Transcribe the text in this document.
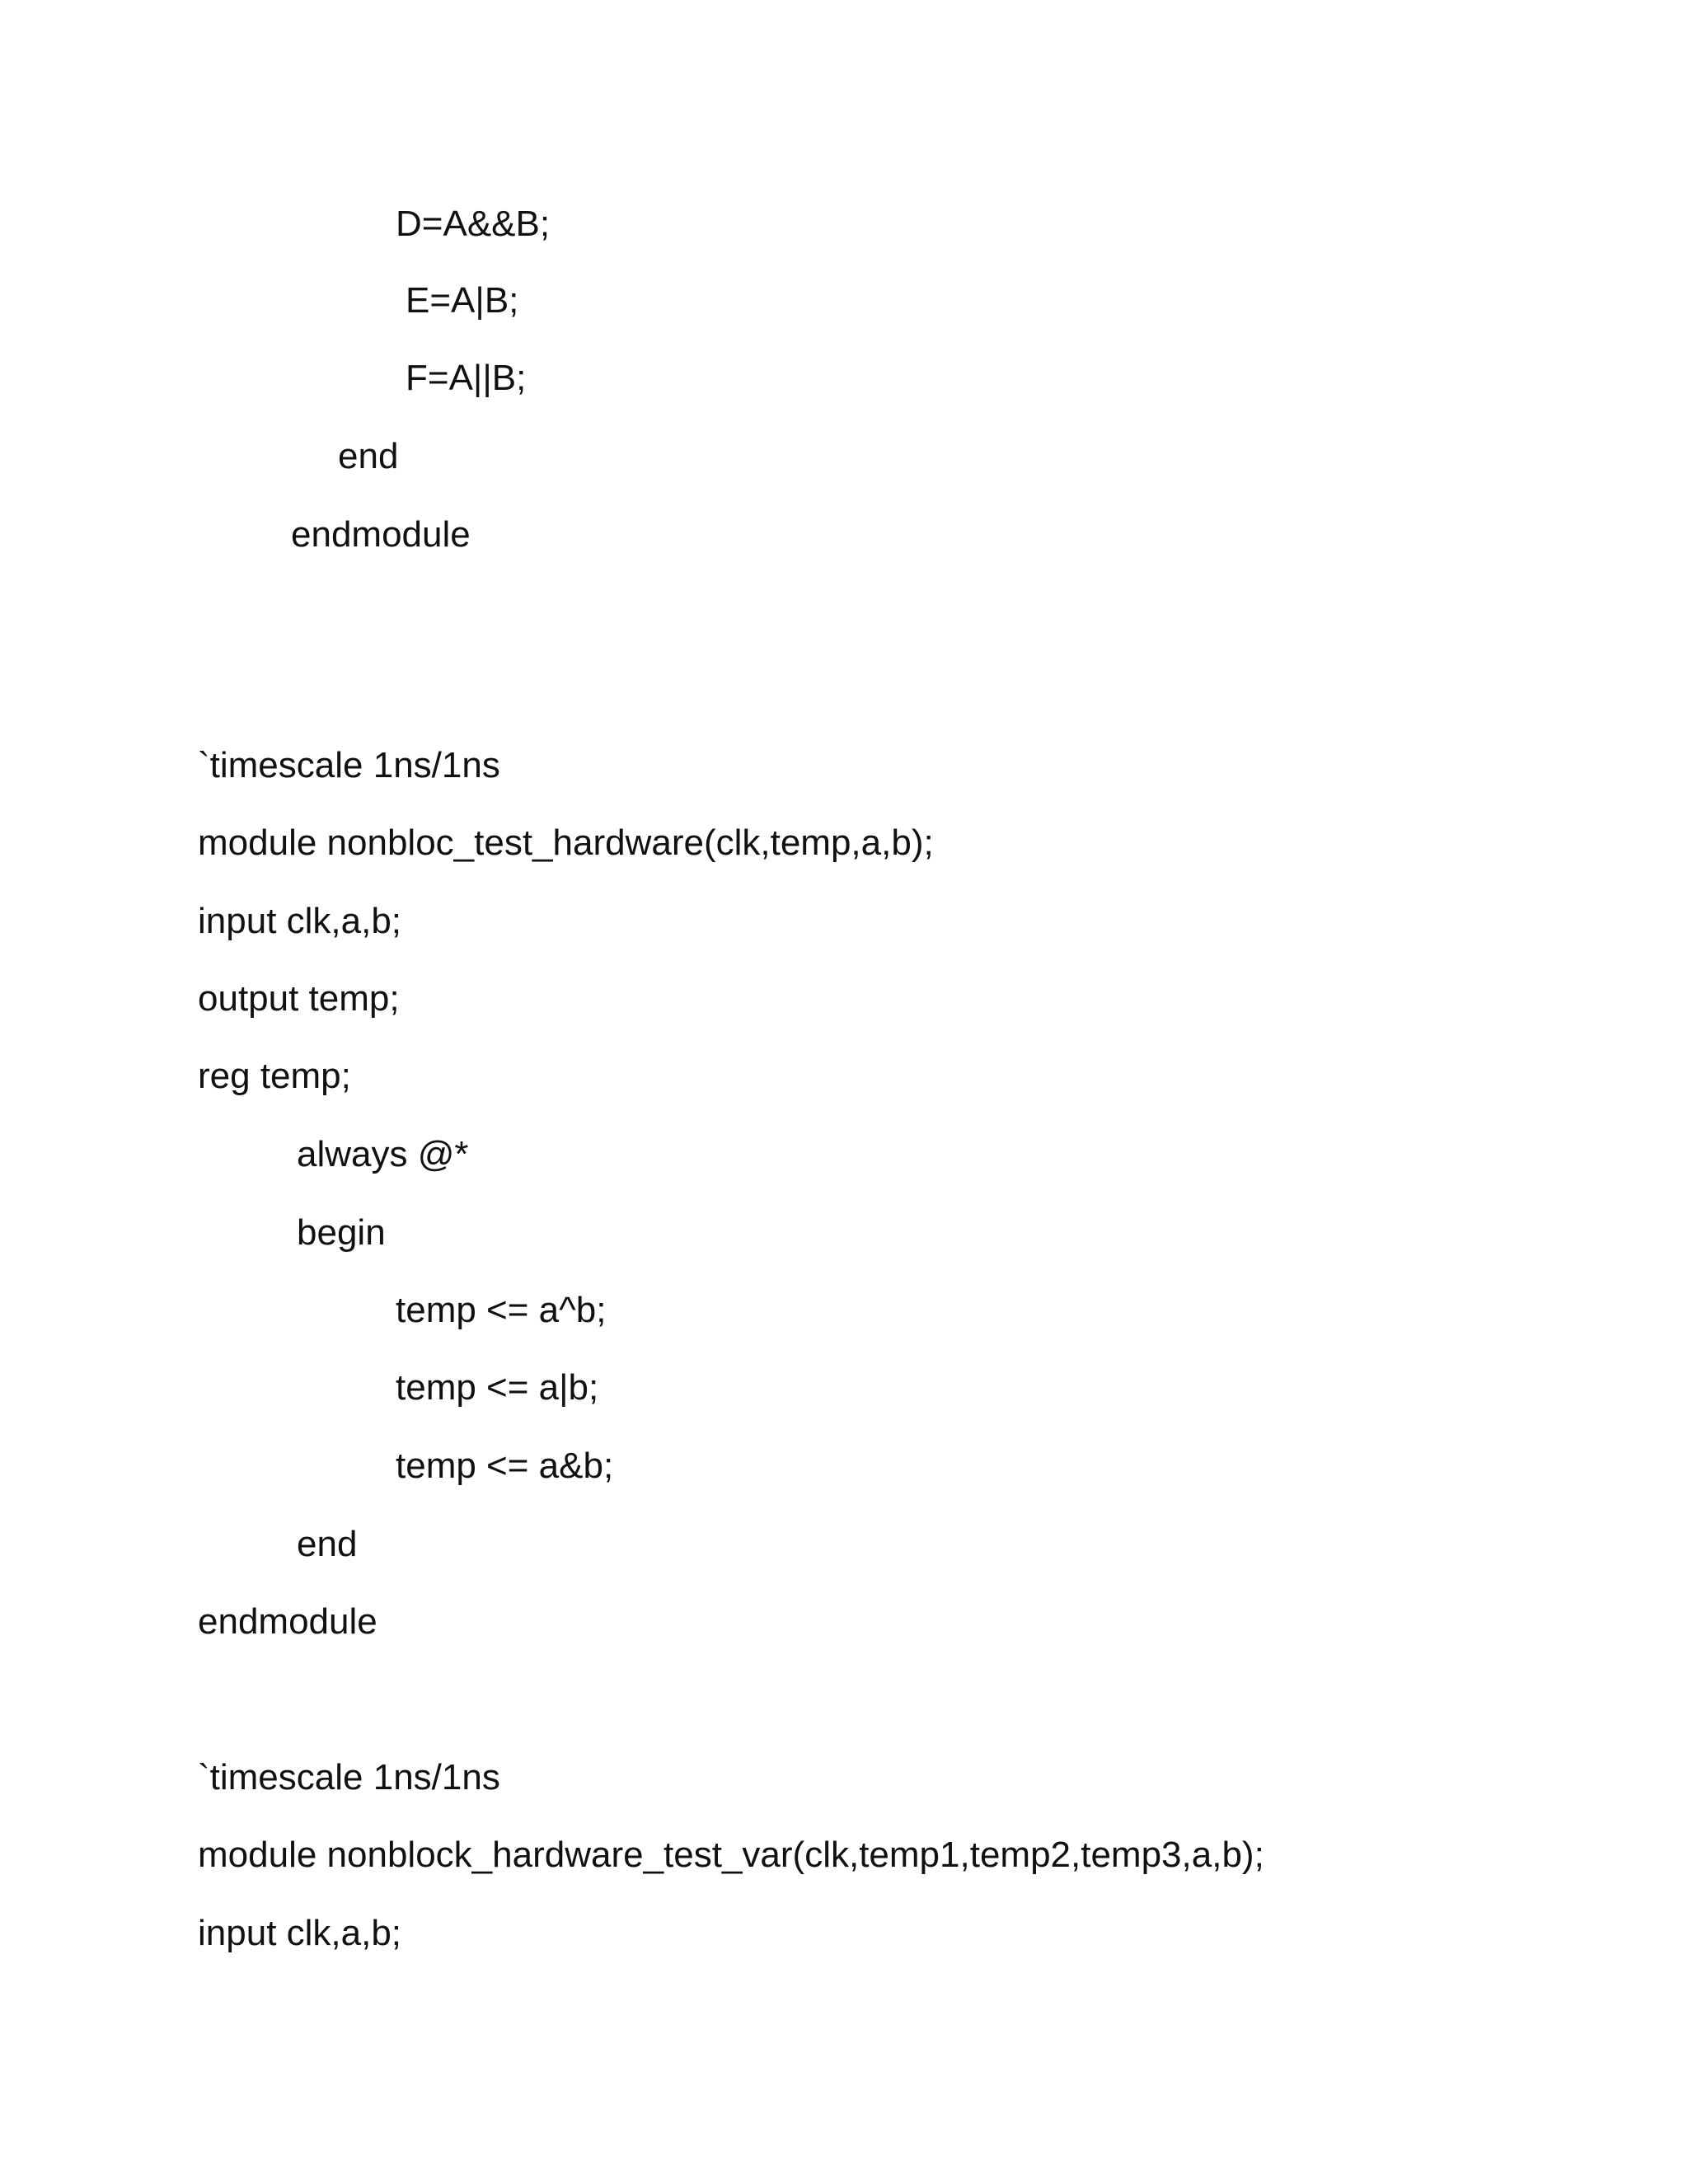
D=A&&B;
E=A|B;
F=A||B;
end
endmodule
`timescale 1ns/1ns
module nonbloc_test_hardware(clk,temp,a,b);
input clk,a,b;
output temp;
reg temp;
always @*
begin
temp <= a^b;
temp <= a|b;
temp <= a&b;
end
endmodule
`timescale 1ns/1ns
module nonblock_hardware_test_var(clk,temp1,temp2,temp3,a,b);
input clk,a,b;
